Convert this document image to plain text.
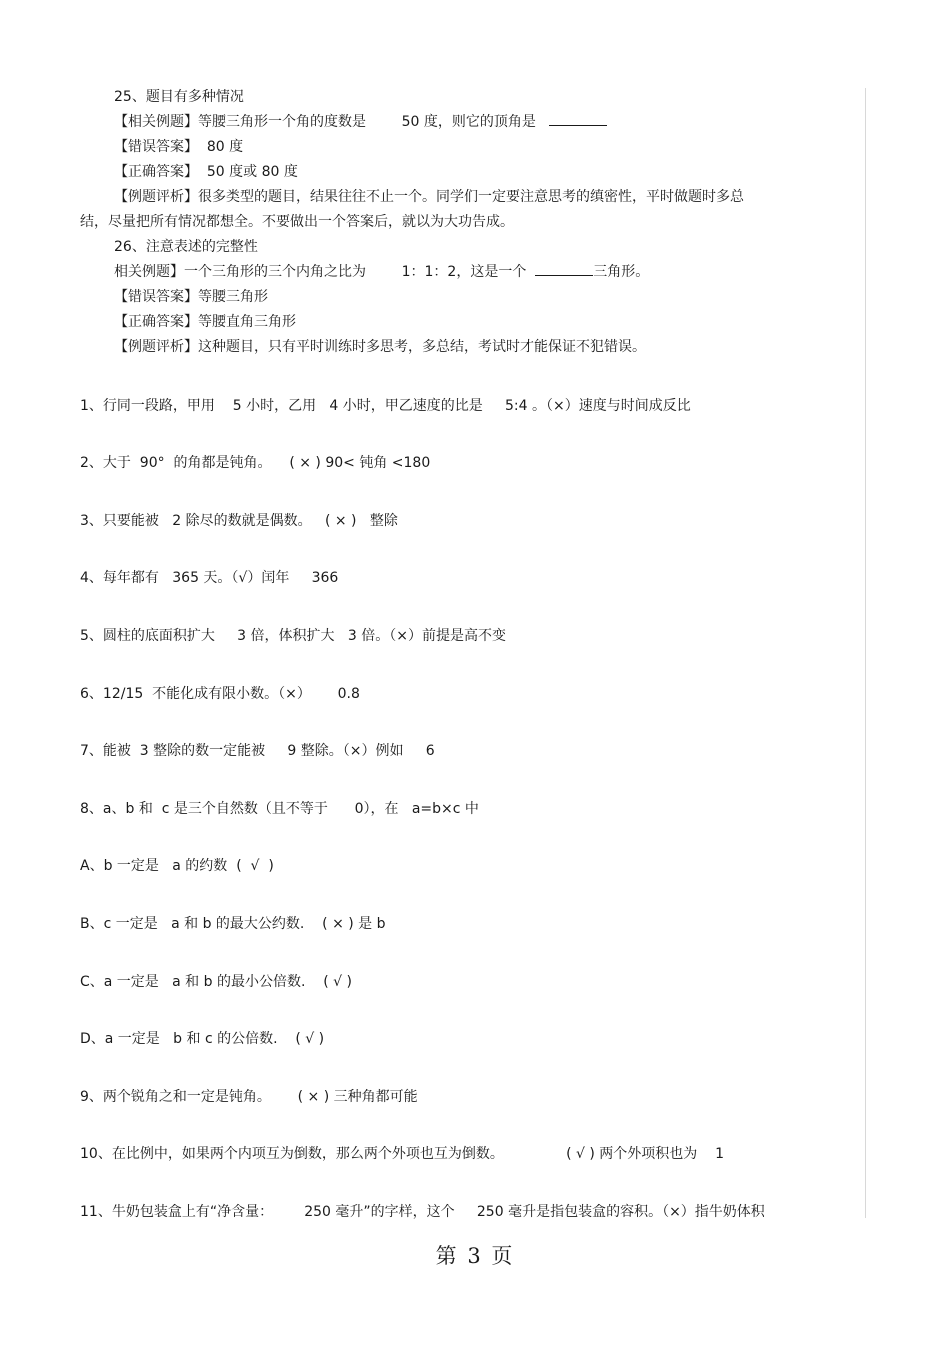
25、题目有多种情况
【相关例题】等腰三角形一个角的度数是        50 度，则它的顶角是
【错误答案】  80 度
【正确答案】  50 度或 80 度
【例题评析】很多类型的题目，结果往往不止一个。同学们一定要注意思考的缜密性，平时做题时多总
结，尽量把所有情况都想全。不要做出一个答案后，就以为大功告成。
26、注意表述的完整性
相关例题】一个三角形的三个内角之比为        1：1：2，这是一个	三角形。
【错误答案】等腰三角形
【正确答案】等腰直角三角形
【例题评析】这种题目，只有平时训练时多思考，多总结，考试时才能保证不犯错误。
1、行同一段路，甲用    5 小时，乙用   4 小时，甲乙速度的比是     5:4 。（×）速度与时间成反比
2、大于  90°  的角都是钝角。    ( × ) 90< 钝角 <180
3、只要能被   2 除尽的数就是偶数。   ( × )   整除
4、每年都有   365 天。（√）闰年     366
5、圆柱的底面积扩大     3 倍，体积扩大   3 倍。（×）前提是高不变
6、12/15  不能化成有限小数。（×）      0.8
7、能被  3 整除的数一定能被     9 整除。（×）例如     6
8、a、b 和  c 是三个自然数（且不等于      0），在   a=b×c 中
A、b 一定是   a 的约数  (  √  )
B、c 一定是   a 和 b 的最大公约数.    ( × ) 是 b
C、a 一定是   a 和 b 的最小公倍数.    ( √ )
D、a 一定是   b 和 c 的公倍数.    ( √ )
9、两个锐角之和一定是钝角。      ( × ) 三种角都可能
10、在比例中，如果两个内项互为倒数，那么两个外项也互为倒数。              ( √ ) 两个外项积也为    1
11、牛奶包装盒上有“净含量：       250 毫升”的字样，这个     250 毫升是指包装盒的容积。（×）指牛奶体积
第 3 页
